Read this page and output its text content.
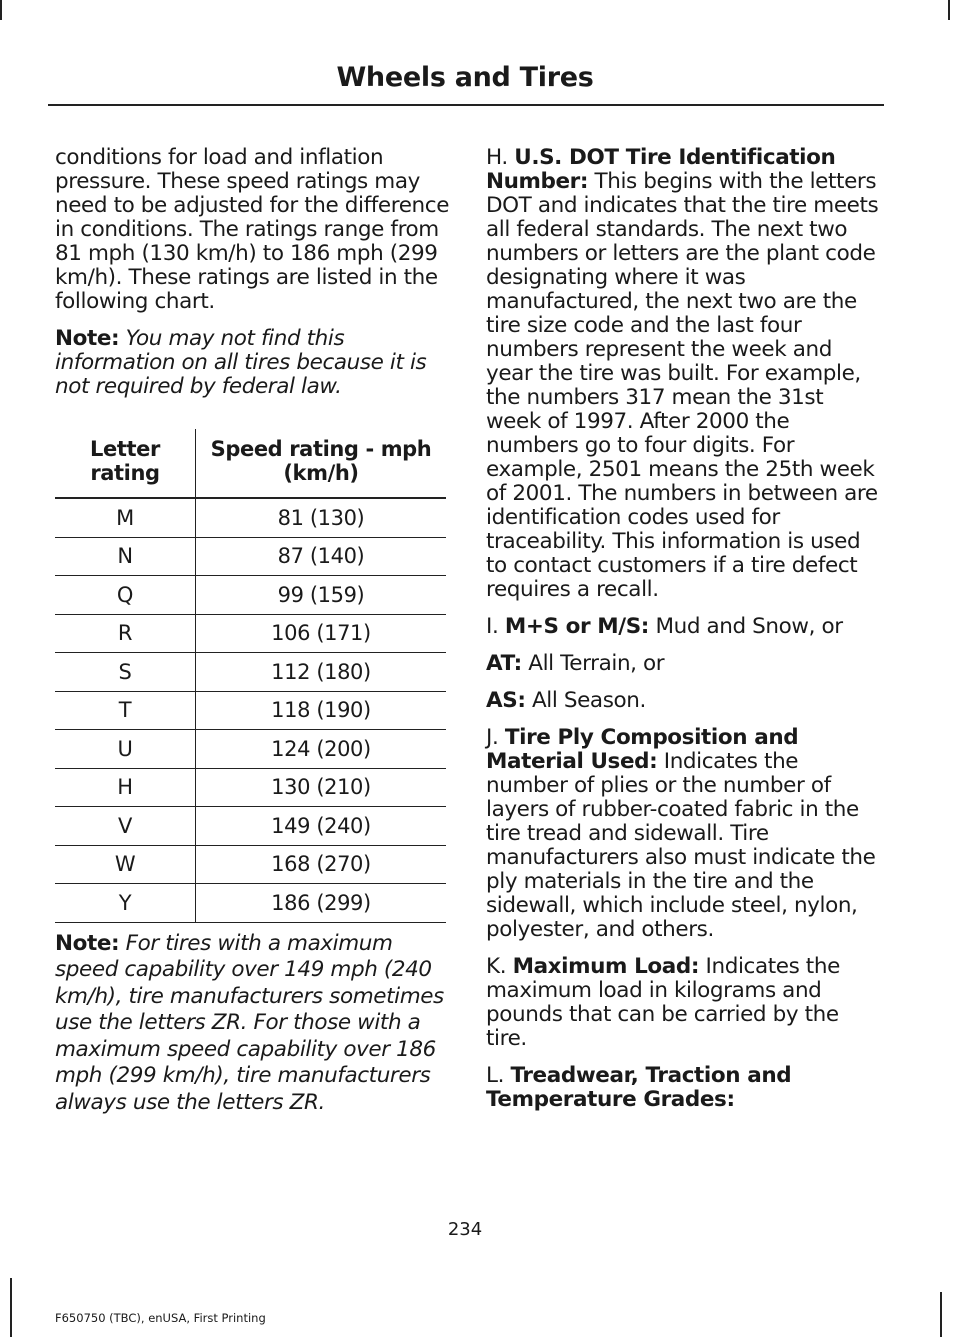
Wheels and Tires

conditions for load and inflation pressure. These speed ratings may need to be adjusted for the difference in conditions. The ratings range from 81 mph (130 km/h) to 186 mph (299 km/h). These ratings are listed in the following chart.

Note: You may not find this information on all tires because it is not required by federal law.

Letter rating	Speed rating - mph (km/h)
M	81 (130)
N	87 (140)
Q	99 (159)
R	106 (171)
S	112 (180)
T	118 (190)
U	124 (200)
H	130 (210)
V	149 (240)
W	168 (270)
Y	186 (299)

Note: For tires with a maximum speed capability over 149 mph (240 km/h), tire manufacturers sometimes use the letters ZR. For those with a maximum speed capability over 186 mph (299 km/h), tire manufacturers always use the letters ZR.

H. U.S. DOT Tire Identification Number: This begins with the letters DOT and indicates that the tire meets all federal standards. The next two numbers or letters are the plant code designating where it was manufactured, the next two are the tire size code and the last four numbers represent the week and year the tire was built. For example, the numbers 317 mean the 31st week of 1997. After 2000 the numbers go to four digits. For example, 2501 means the 25th week of 2001. The numbers in between are identification codes used for traceability. This information is used to contact customers if a tire defect requires a recall.

I. M+S or M/S: Mud and Snow, or

AT: All Terrain, or

AS: All Season.

J. Tire Ply Composition and Material Used: Indicates the number of plies or the number of layers of rubber-coated fabric in the tire tread and sidewall. Tire manufacturers also must indicate the ply materials in the tire and the sidewall, which include steel, nylon, polyester, and others.

K. Maximum Load: Indicates the maximum load in kilograms and pounds that can be carried by the tire.

L. Treadwear, Traction and Temperature Grades:

234
F650750 (TBC), enUSA, First Printing
